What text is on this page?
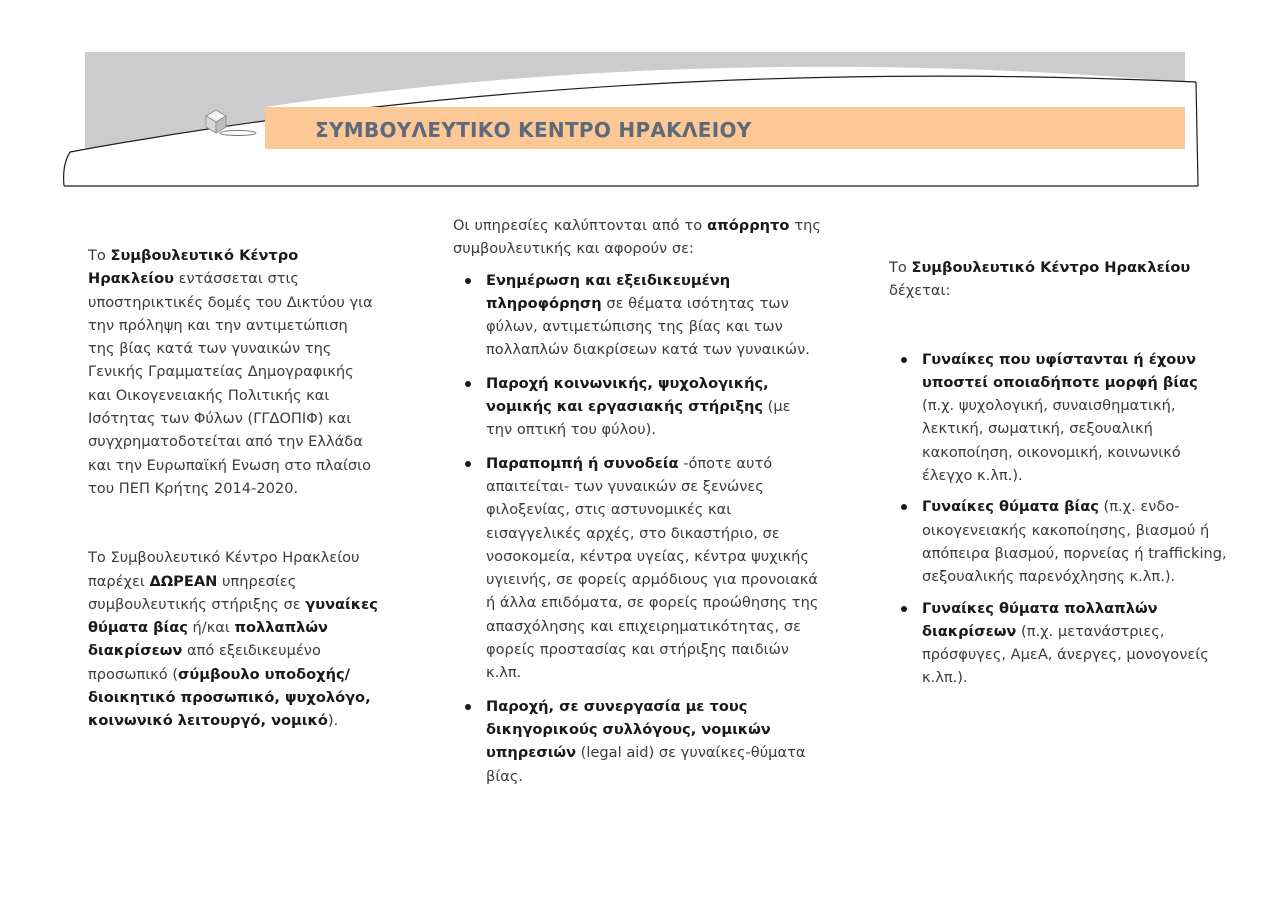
ΣΥΜΒΟΥΛΕΥΤΙΚΟ ΚΕΝΤΡΟ ΗΡΑΚΛΕΙΟΥ

Το Συμβουλευτικό Κέντρο Ηρακλείου εντάσσεται στις υποστηρικτικές δομές του Δικτύου για την πρόληψη και την αντιμετώπιση της βίας κατά των γυναικών της Γενικής Γραμματείας Δημογραφικής και Οικογενειακής Πολιτικής και Ισότητας των Φύλων (ΓΓΔΟΠΙΦ) και συγχρηματοδοτείται από την Ελλάδα και την Ευρωπαϊκή Ενωση στο πλαίσιο του ΠΕΠ Κρήτης 2014-2020.

Το Συμβουλευτικό Κέντρο Ηρακλείου παρέχει ΔΩΡΕΑΝ υπηρεσίες συμβουλευτικής στήριξης σε γυναίκες θύματα βίας ή/και πολλαπλών διακρίσεων από εξειδικευμένο προσωπικό (σύμβουλο υποδοχής/ διοικητικό προσωπικό, ψυχολόγο, κοινωνικό λειτουργό, νομικό).

Οι υπηρεσίες καλύπτονται από το απόρρητο της συμβουλευτικής και αφορούν σε:

Ενημέρωση και εξειδικευμένη πληροφόρηση σε θέματα ισότητας των φύλων, αντιμετώπισης της βίας και των πολλαπλών διακρίσεων κατά των γυναικών.
Παροχή κοινωνικής, ψυχολογικής, νομικής και εργασιακής στήριξης (με την οπτική του φύλου).
Παραπομπή ή συνοδεία -όποτε αυτό απαιτείται- των γυναικών σε ξενώνες φιλοξενίας, στις αστυνομικές και εισαγγελικές αρχές, στο δικαστήριο, σε νοσοκομεία, κέντρα υγείας, κέντρα ψυχικής υγιεινής, σε φορείς αρμόδιους για προνοιακά ή άλλα επιδόματα, σε φορείς προώθησης της απασχόλησης και επιχειρηματικότητας, σε φορείς προστασίας και στήριξης παιδιών κ.λπ.
Παροχή, σε συνεργασία με τους δικηγορικούς συλλόγους, νομικών υπηρεσιών (legal aid) σε γυναίκες-θύματα βίας.

Το Συμβουλευτικό Κέντρο Ηρακλείου δέχεται:

Γυναίκες που υφίστανται ή έχουν υποστεί οποιαδήποτε μορφή βίας (π.χ. ψυχολογική, συναισθηματική, λεκτική, σωματική, σεξουαλική κακοποίηση, οικονομική, κοινωνικό έλεγχο κ.λπ.).
Γυναίκες θύματα βίας (π.χ. ενδο-οικογενειακής κακοποίησης, βιασμού ή απόπειρα βιασμού, πορνείας ή trafficking, σεξουαλικής παρενόχλησης κ.λπ.).
Γυναίκες θύματα πολλαπλών διακρίσεων (π.χ. μετανάστριες, πρόσφυγες, ΑμεΑ, άνεργες, μονογονείς κ.λπ.).
